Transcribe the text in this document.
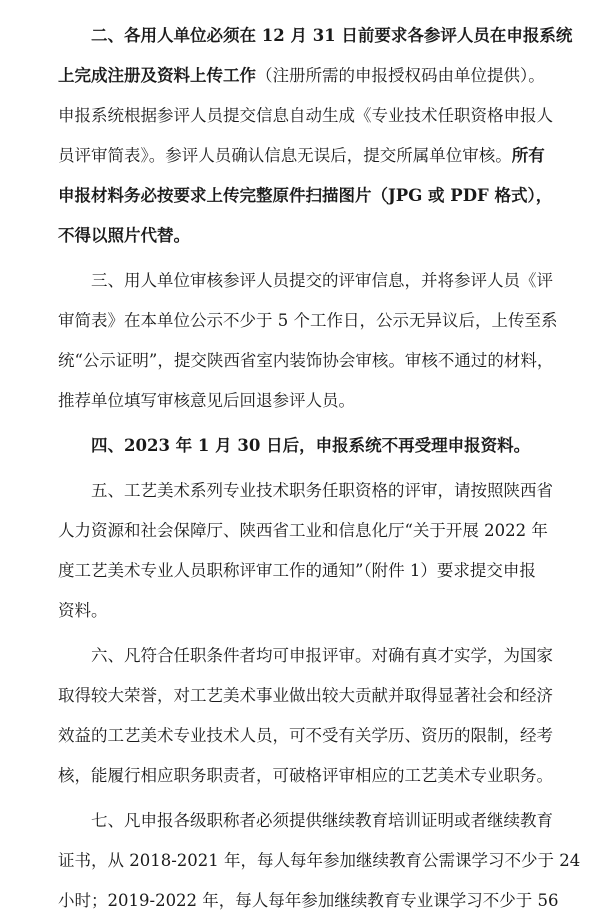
二、各用人单位必须在 12 月 31 日前要求各参评人员在申报系统

上完成注册及资料上传工作（注册所需的申报授权码由单位提供）。

申报系统根据参评人员提交信息自动生成《专业技术任职资格申报人

员评审简表》。参评人员确认信息无误后，提交所属单位审核。所有

申报材料务必按要求上传完整原件扫描图片（JPG 或 PDF 格式），

不得以照片代替。

三、用人单位审核参评人员提交的评审信息，并将参评人员《评

审简表》在本单位公示不少于 5 个工作日，公示无异议后，上传至系

统“公示证明”，提交陕西省室内装饰协会审核。审核不通过的材料，

推荐单位填写审核意见后回退参评人员。

四、2023 年 1 月 30 日后，申报系统不再受理申报资料。

五、工艺美术系列专业技术职务任职资格的评审，请按照陕西省

人力资源和社会保障厅、陕西省工业和信息化厅“关于开展 2022 年

度工艺美术专业人员职称评审工作的通知”（附件 1）要求提交申报

资料。

六、凡符合任职条件者均可申报评审。对确有真才实学，为国家

取得较大荣誉，对工艺美术事业做出较大贡献并取得显著社会和经济

效益的工艺美术专业技术人员，可不受有关学历、资历的限制，经考

核，能履行相应职务职责者，可破格评审相应的工艺美术专业职务。

七、凡申报各级职称者必须提供继续教育培训证明或者继续教育

证书，从 2018-2021 年，每人每年参加继续教育公需课学习不少于 24

小时；2019-2022 年，每人每年参加继续教育专业课学习不少于 56
